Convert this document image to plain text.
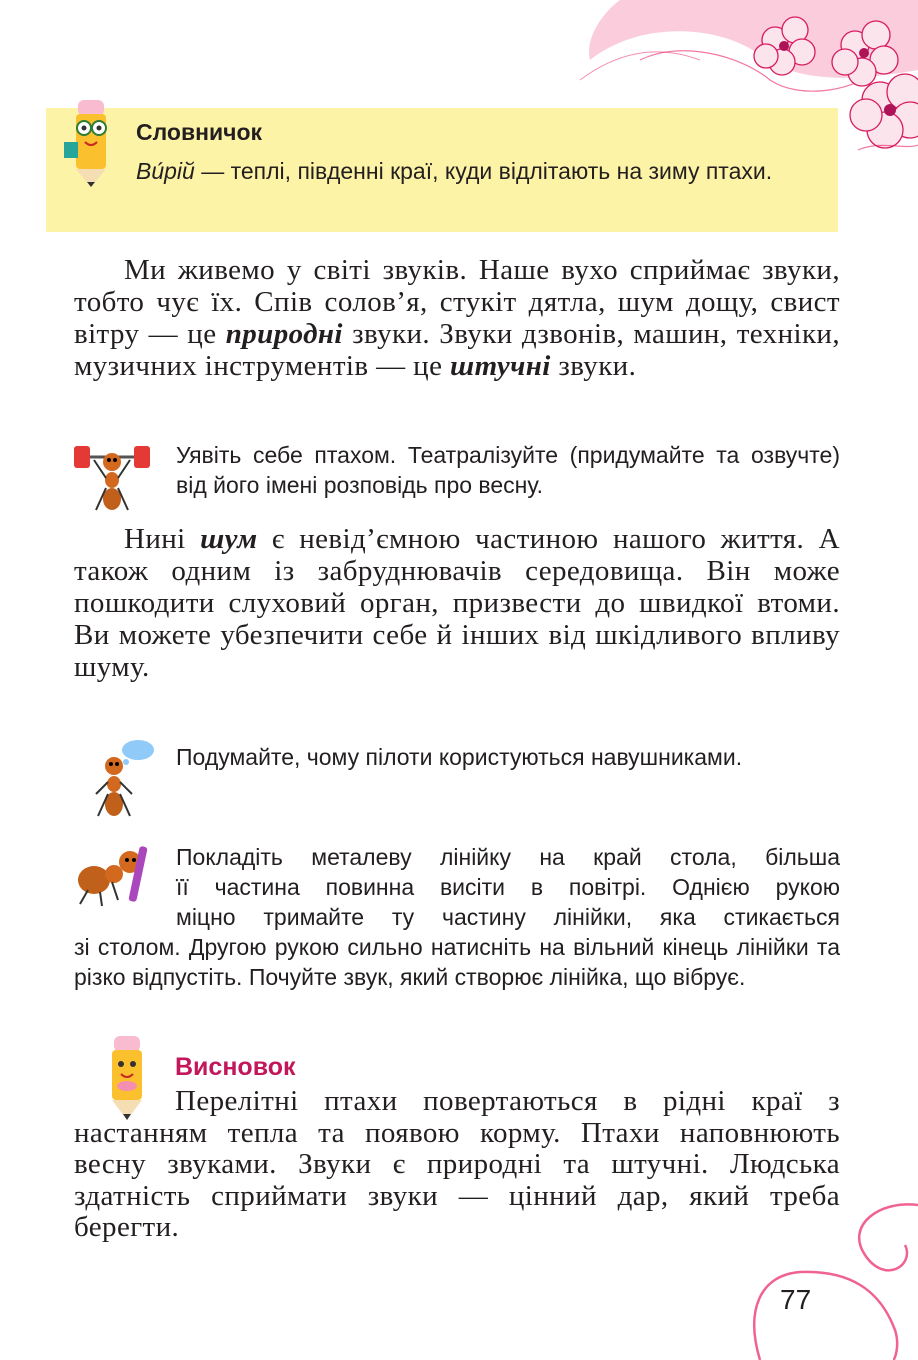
Словничок
Ви́рій — теплі, південні краї, куди відлітають на зиму птахи.
Ми живемо у світі звуків. Наше вухо сприймає звуки, тобто чує їх. Спів солов’я, стукіт дятла, шум дощу, свист вітру — це природні звуки. Звуки дзвонів, машин, техніки, музичних інструментів — це штучні звуки.
Уявіть себе птахом. Театралізуйте (придумайте та озвучте) від його імені розповідь про весну.
Нині шум є невід’ємною частиною нашого життя. А також одним із забруднювачів середовища. Він може пошкодити слуховий орган, призвести до швидкої втоми. Ви можете убезпечити себе й інших від шкідливого впливу шуму.
Подумайте, чому пілоти користуються навушниками.
Покладіть металеву лінійку на край стола, більша
її частина повинна висіти в повітрі. Однією рукою
міцно тримайте ту частину лінійки, яка стикається
зі столом. Другою рукою сильно натисніть на вільний кінець лінійки та різко відпустіть. Почуйте звук, який створює лінійка, що вібрує.
Висновок
Перелітні птахи повертаються в рідні краї з настанням тепла та появою корму. Птахи наповнюють весну звуками. Звуки є природні та штучні. Людська здатність сприймати звуки — цінний дар, який треба берегти.
77
